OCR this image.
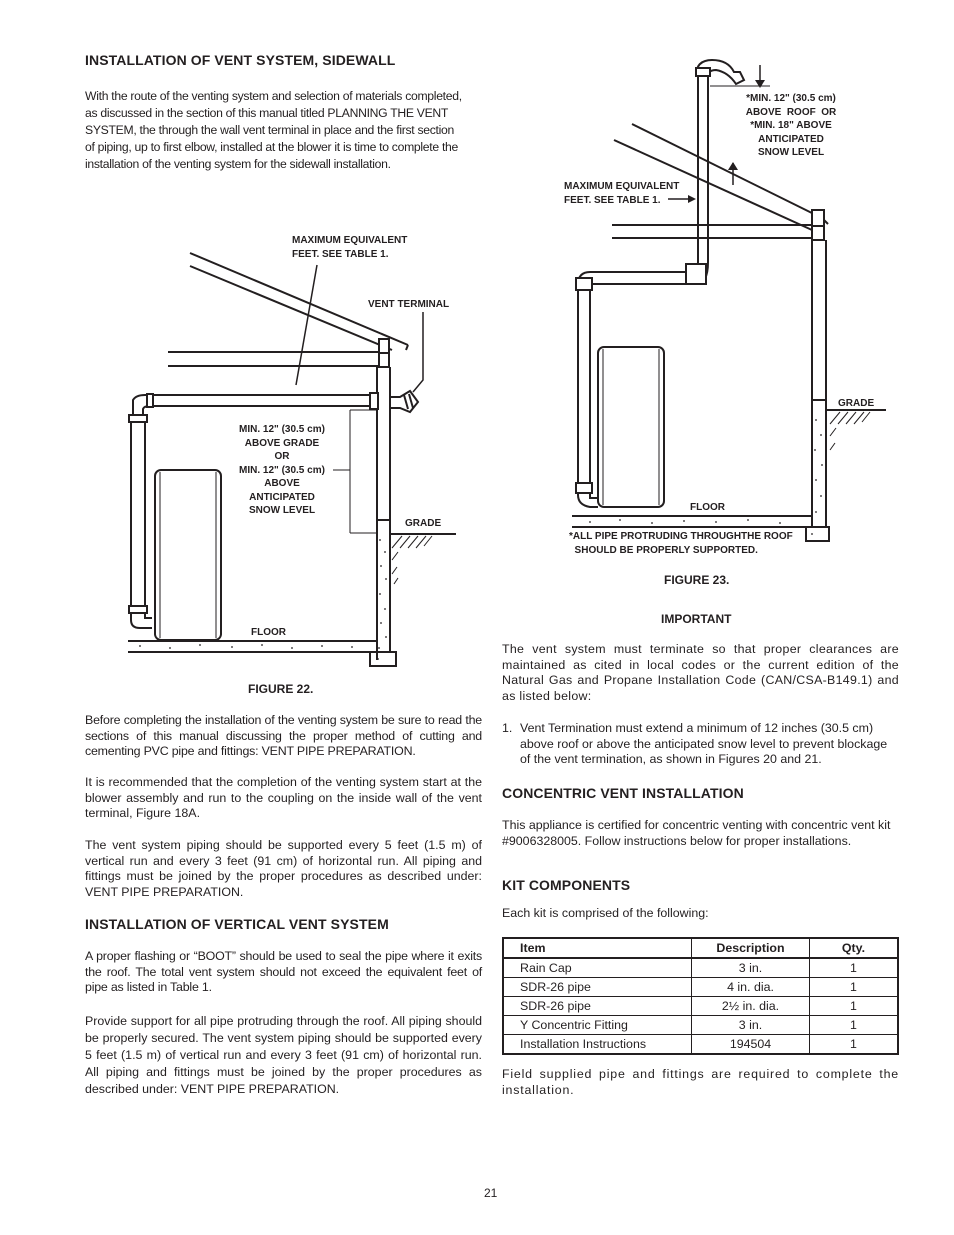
INSTALLATION OF VENT SYSTEM, SIDEWALL
With the route of the venting system and selection of materials completed,
as discussed in the section of this manual titled PLANNING THE VENT
SYSTEM, the through the wall vent terminal in place and the first section
of piping, up to first elbow, installed at the blower it is time to complete the
installation of the venting system for the sidewall installation.
MAXIMUM EQUIVALENT
FEET. SEE TABLE 1.
VENT TERMINAL
MIN. 12" (30.5 cm)
ABOVE GRADE
OR
MIN. 12" (30.5 cm)
ABOVE
ANTICIPATED
SNOW LEVEL
GRADE
FLOOR
FIGURE 22.

Before completing the installation of the venting system be sure to read the sections of this manual discussing the proper method of cutting and cementing PVC pipe and fittings: VENT PIPE PREPARATION.

It is recommended that the completion of the venting system start at the blower assembly and run to the coupling on the inside wall of the vent terminal, Figure 18A.

The vent system piping should be supported every 5 feet (1.5 m) of vertical run and every 3 feet (91 cm) of horizontal run. All piping and fittings must be joined by the proper procedures as described under: VENT PIPE PREPARATION.

INSTALLATION OF VERTICAL VENT SYSTEM

A proper flashing or “BOOT” should be used to seal the pipe where it exits the roof. The total vent system should not exceed the equivalent feet of pipe as listed in Table 1.

Provide support for all pipe protruding through the roof. All piping should be properly secured. The vent system piping should be supported every 5 feet (1.5 m) of vertical run and every 3 feet (91 cm) of horizontal run. All piping and fittings must be joined by the proper procedures as described under: VENT PIPE PREPARATION.

*MIN. 12" (30.5 cm)
ABOVE  ROOF  OR
*MIN. 18" ABOVE
ANTICIPATED
SNOW LEVEL
MAXIMUM EQUIVALENT
FEET. SEE TABLE 1.
GRADE
FLOOR
*ALL PIPE PROTRUDING THROUGHTHE ROOF
SHOULD BE PROPERLY SUPPORTED.
FIGURE 23.
IMPORTANT

The vent system must terminate so that proper clearances are maintained as cited in local codes or the current edition of the Natural Gas and Propane Installation Code (CAN/CSA-B149.1) and as listed below:

1. Vent Termination must extend a minimum of 12 inches (30.5 cm) above roof or above the anticipated snow level to prevent blockage of the vent termination, as shown in Figures 20 and 21.

CONCENTRIC VENT INSTALLATION

This appliance is certified for concentric venting with concentric vent kit #9006328005. Follow instructions below for proper installations.

KIT COMPONENTS

Each kit is comprised of the following:

Item	Description	Qty.
Rain Cap	3 in.	1
SDR-26 pipe	4 in. dia.	1
SDR-26 pipe	2½ in. dia.	1
Y Concentric Fitting	3 in.	1
Installation Instructions	194504	1

Field supplied pipe and fittings are required to complete the installation.

21
